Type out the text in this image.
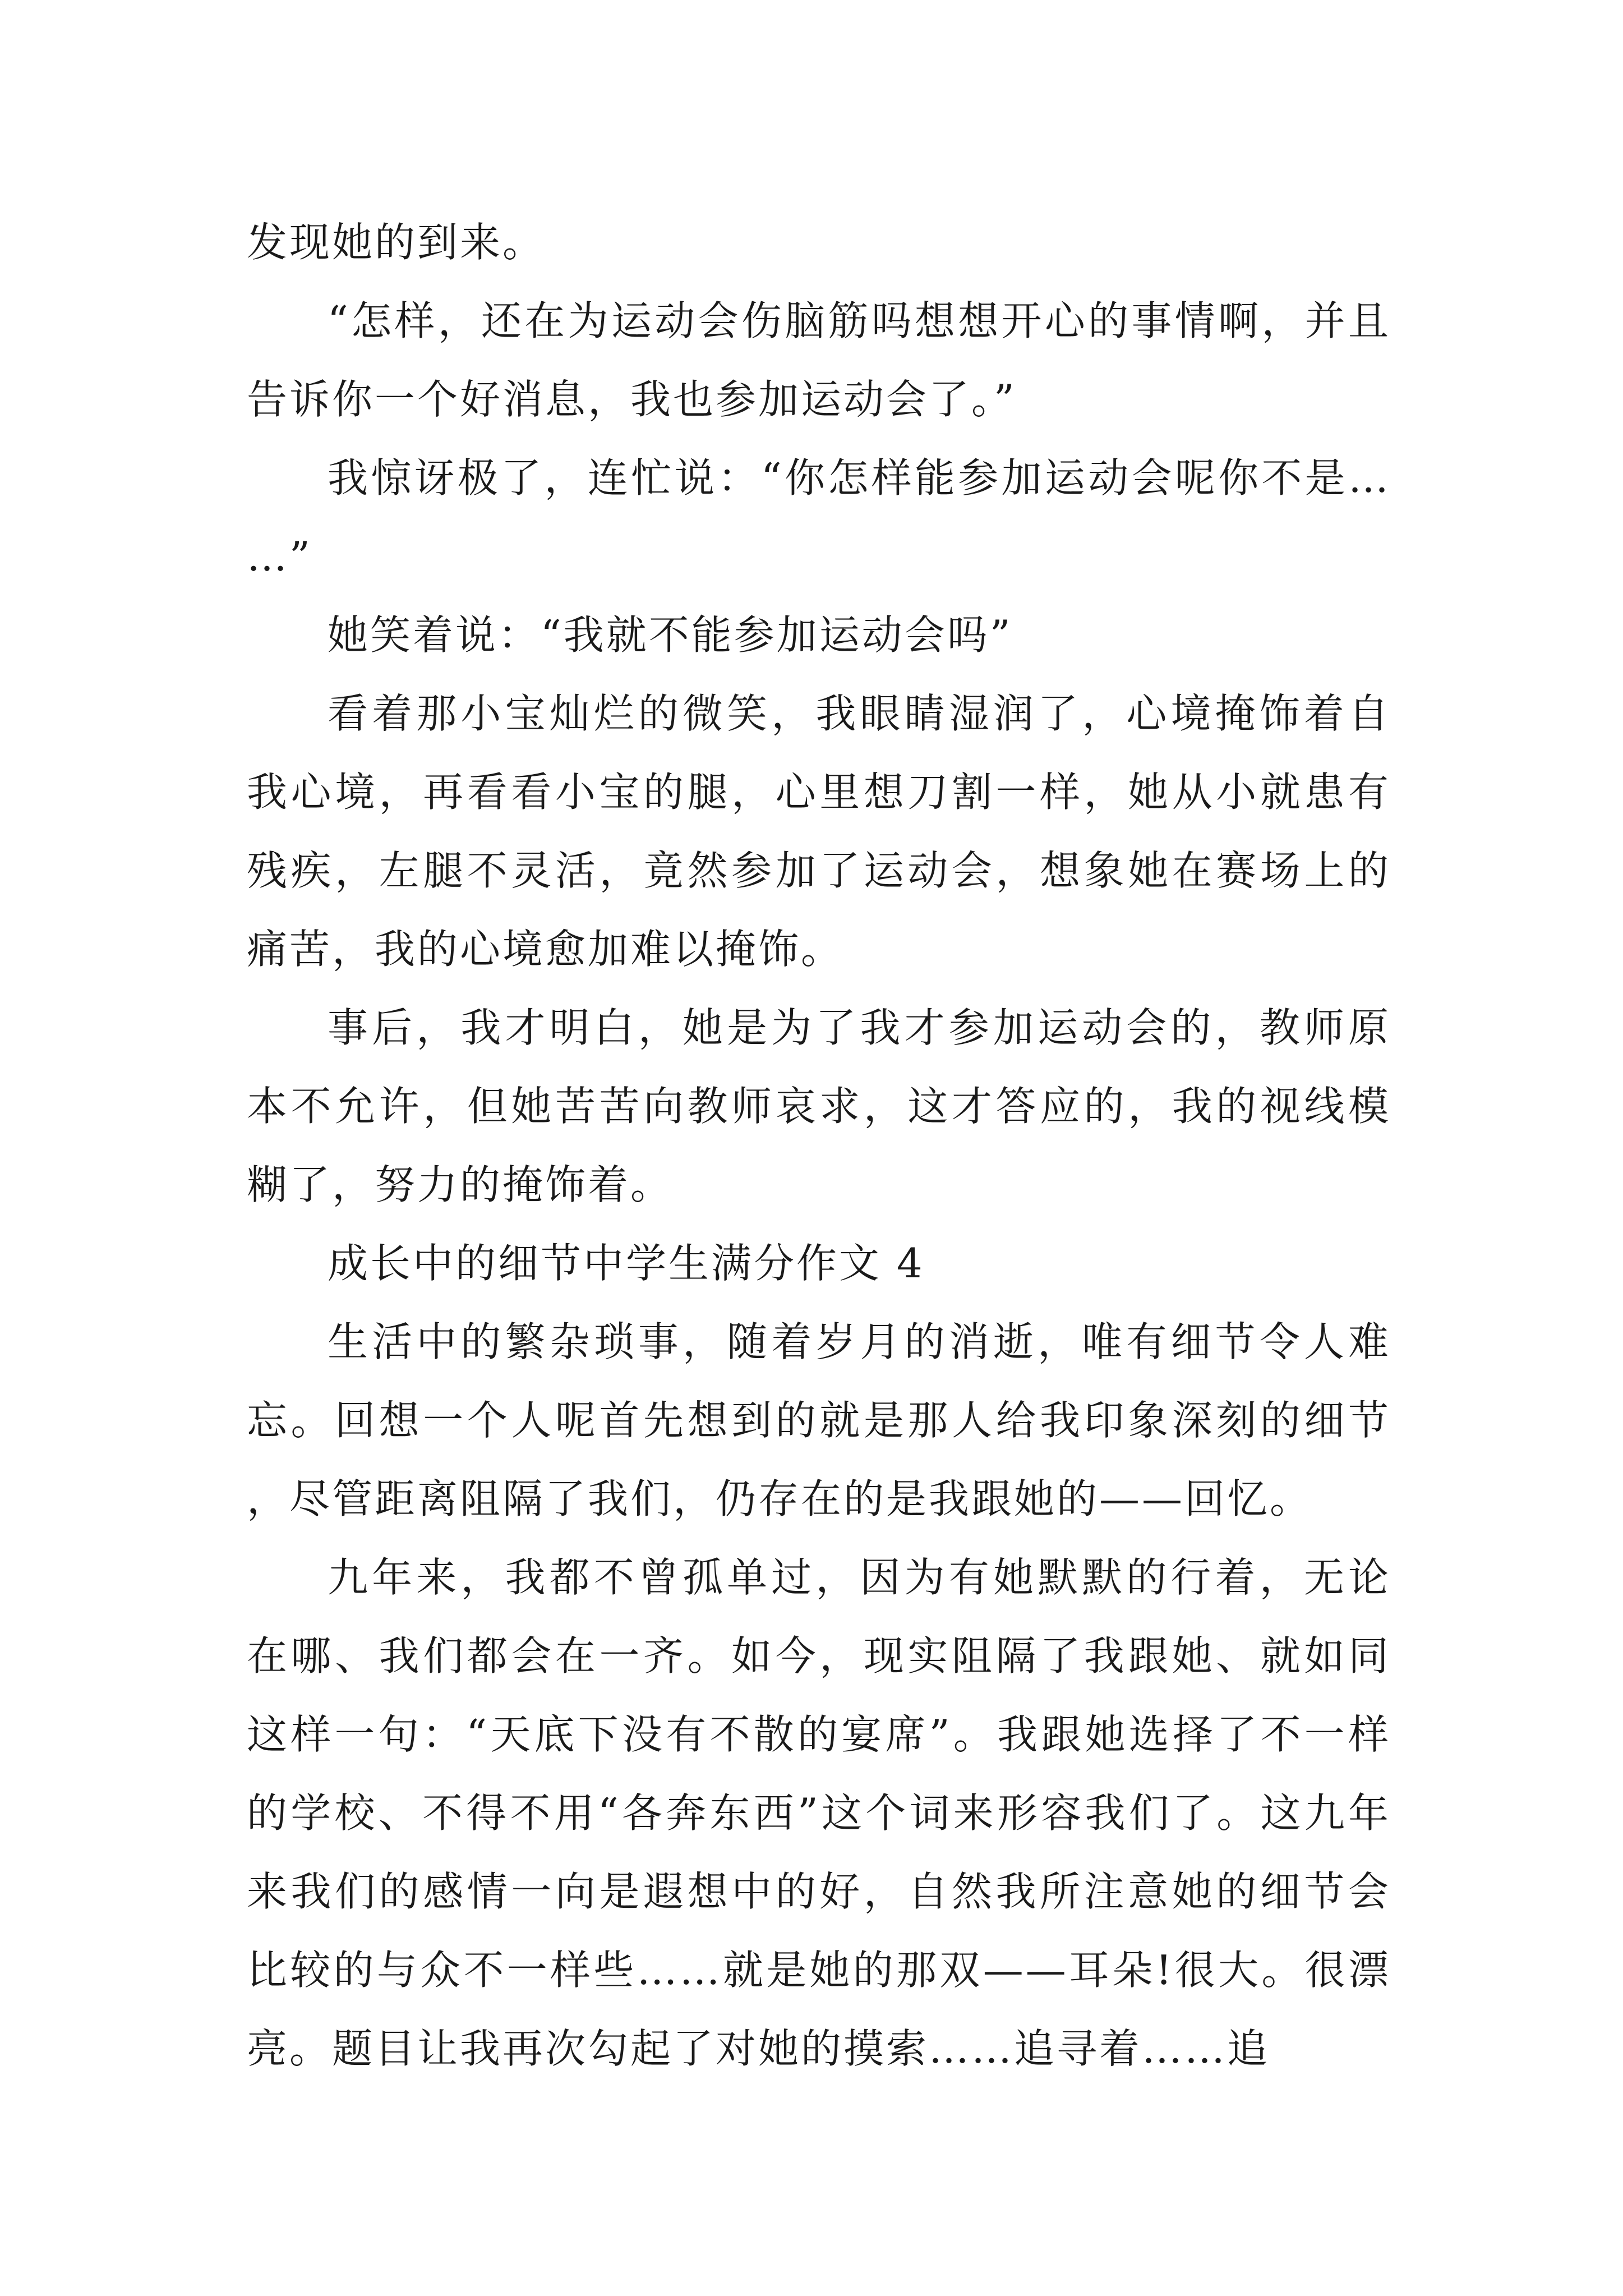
发现她的到来。

“怎样，还在为运动会伤脑筋吗想想开心的事情啊，并且告诉你一个好消息，我也参加运动会了。”

我惊讶极了，连忙说：“你怎样能参加运动会呢你不是……”

她笑着说：“我就不能参加运动会吗”

看着那小宝灿烂的微笑，我眼睛湿润了，心境掩饰着自我心境，再看看小宝的腿，心里想刀割一样，她从小就患有残疾，左腿不灵活，竟然参加了运动会，想象她在赛场上的痛苦，我的心境愈加难以掩饰。

事后，我才明白，她是为了我才参加运动会的，教师原本不允许，但她苦苦向教师哀求，这才答应的，我的视线模糊了，努力的掩饰着。

成长中的细节中学生满分作文 4

生活中的繁杂琐事，随着岁月的消逝，唯有细节令人难忘。回想一个人呢首先想到的就是那人给我印象深刻的细节，尽管距离阻隔了我们，仍存在的是我跟她的——回忆。

九年来，我都不曾孤单过，因为有她默默的行着，无论在哪、我们都会在一齐。如今，现实阻隔了我跟她、就如同这样一句：“天底下没有不散的宴席”。我跟她选择了不一样的学校、不得不用“各奔东西”这个词来形容我们了。这九年来我们的感情一向是遐想中的好，自然我所注意她的细节会比较的与众不一样些……就是她的那双——耳朵!很大。很漂亮。题目让我再次勾起了对她的摸索……追寻着……追
